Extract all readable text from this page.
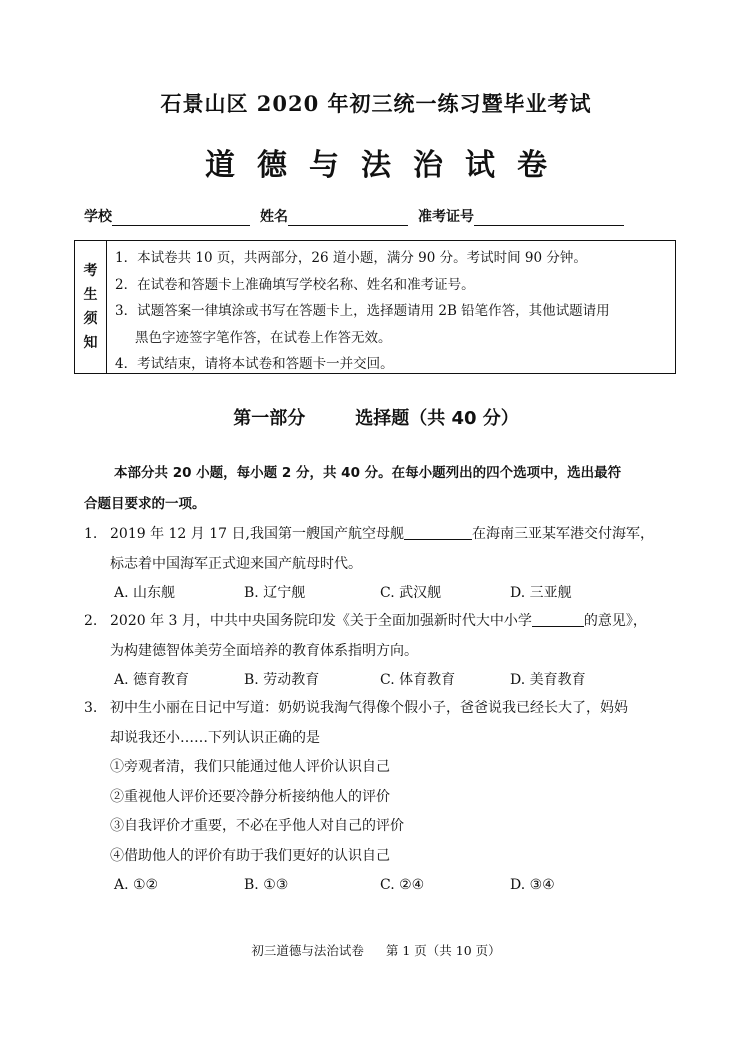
石景山区 2020 年初三统一练习暨毕业考试
道德与法治试卷
学校	姓名	准考证号
考
生
须
知
1．本试卷共 10 页，共两部分，26 道小题，满分 90 分。考试时间 90 分钟。
2．在试卷和答题卡上准确填写学校名称、姓名和准考证号。
3．试题答案一律填涂或书写在答题卡上，选择题请用 2B 铅笔作答，其他试题请用
黑色字迹签字笔作答，在试卷上作答无效。
4．考试结束，请将本试卷和答题卡一并交回。
第一部分	选择题（共 40 分）
本部分共 20 小题，每小题 2 分，共 40 分。在每小题列出的四个选项中，选出最符
合题目要求的一项。
1. 2019 年 12 月 17 日,我国第一艘国产航空母舰	在海南三亚某军港交付海军，
标志着中国海军正式迎来国产航母时代。
A. 山东舰	B. 辽宁舰	C. 武汉舰	D. 三亚舰
2. 2020 年 3 月，中共中央国务院印发《关于全面加强新时代大中小学	的意见》，
为构建德智体美劳全面培养的教育体系指明方向。
A. 德育教育	B. 劳动教育	C. 体育教育	D. 美育教育
3. 初中生小丽在日记中写道：奶奶说我淘气得像个假小子，爸爸说我已经长大了，妈妈
却说我还小……下列认识正确的是
①旁观者清，我们只能通过他人评价认识自己
②重视他人评价还要冷静分析接纳他人的评价
③自我评价才重要，不必在乎他人对自己的评价
④借助他人的评价有助于我们更好的认识自己
A. ①②	B. ①③	C. ②④	D. ③④
初三道德与法治试卷 第 1 页（共 10 页）
